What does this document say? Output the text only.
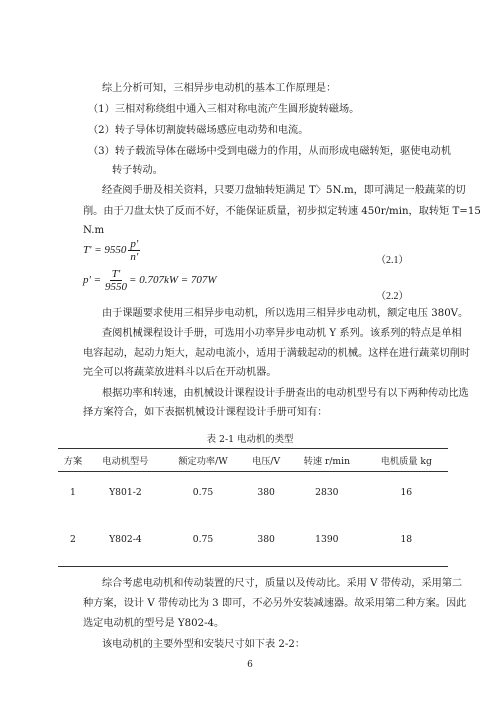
综上分析可知，三相异步电动机的基本工作原理是：
（1）三相对称绕组中通入三相对称电流产生圆形旋转磁场。
（2）转子导体切割旋转磁场感应电动势和电流。
（3）转子载流导体在磁场中受到电磁力的作用，从而形成电磁转矩，驱使电动机
转子转动。
经查阅手册及相关资料，只要刀盘轴转矩满足 T〉5N.m，即可满足一般蔬菜的切
削。由于刀盘太快了反而不好，不能保证质量，初步拟定转速 450r/min，取转矩 T=15
N.m
$T' = 9550 \frac{p'}{n'}$	（2.1）
$p' = \frac{T'}{9550} = 0.707kW = 707W$
（2.2）
由于课题要求使用三相异步电动机，所以选用三相异步电动机，额定电压 380V。
查阅机械课程设计手册，可选用小功率异步电动机 Y 系列。该系列的特点是单相
电容起动，起动力矩大，起动电流小，适用于满载起动的机械。这样在进行蔬菜切削时
完全可以将蔬菜放进料斗以后在开动机器。
根据功率和转速，由机械设计课程设计手册查出的电动机型号有以下两种传动比选
择方案符合，如下表据机械设计课程设计手册可知有：
表 2-1 电动机的类型
方案	电动机型号	额定功率/W	电压/V	转速 r/min	电机质量 kg
1	Y801-2	0.75	380	2830	16
2	Y802-4	0.75	380	1390	18
综合考虑电动机和传动装置的尺寸，质量以及传动比。采用 V 带传动，采用第二
种方案，设计 V 带传动比为 3 即可，不必另外安装减速器。故采用第二种方案。因此
选定电动机的型号是 Y802-4。
该电动机的主要外型和安装尺寸如下表 2-2：
6
